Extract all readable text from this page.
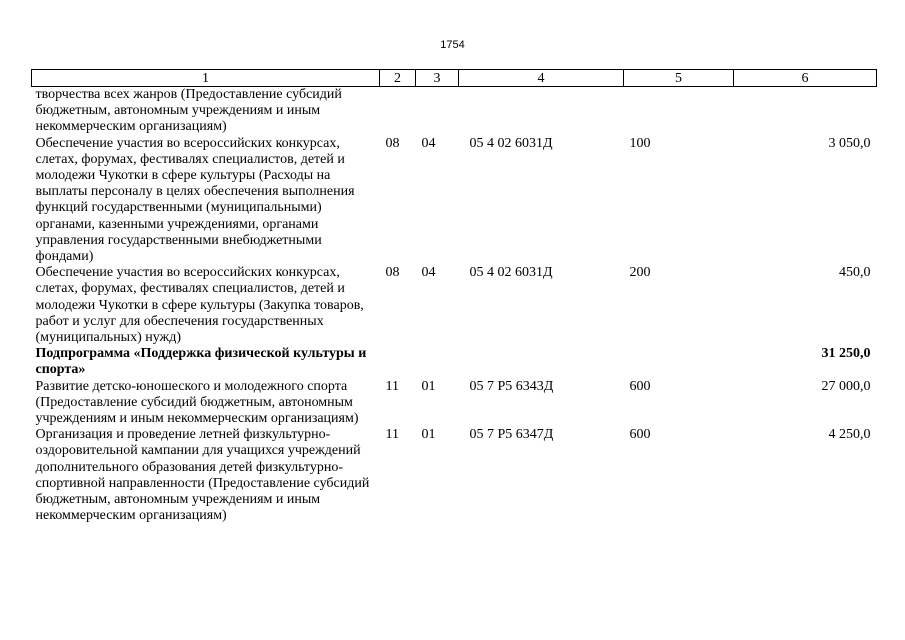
1754
1	2	3	4	5	6
творчества всех жанров (Предоставление субсидий бюджетным, автономным учреждениям и иным некоммерческим организациям)					
Обеспечение участия во всероссийских конкурсах, слетах, форумах, фестивалях специалистов, детей и молодежи Чукотки в сфере культуры (Расходы на выплаты персоналу в целях обеспечения выполнения функций государственными (муниципальными) органами, казенными учреждениями, органами управления государственными внебюджетными фондами)	08	04	05 4 02 6031Д	100	3 050,0
Обеспечение участия во всероссийских конкурсах, слетах, форумах, фестивалях специалистов, детей и молодежи Чукотки в сфере культуры (Закупка товаров, работ и услуг для обеспечения государственных (муниципальных) нужд)	08	04	05 4 02 6031Д	200	450,0
Подпрограмма «Поддержка физической культуры и спорта»					31 250,0
Развитие детско-юношеского и молодежного спорта (Предоставление субсидий бюджетным, автономным учреждениям и иным некоммерческим организациям)	11	01	05 7 P5 6343Д	600	27 000,0
Организация и проведение летней физкультурно-оздоровительной кампании для учащихся учреждений дополнительного образования детей физкультурно-спортивной направленности (Предоставление субсидий бюджетным, автономным учреждениям и иным некоммерческим организациям)	11	01	05 7 P5 6347Д	600	4 250,0
